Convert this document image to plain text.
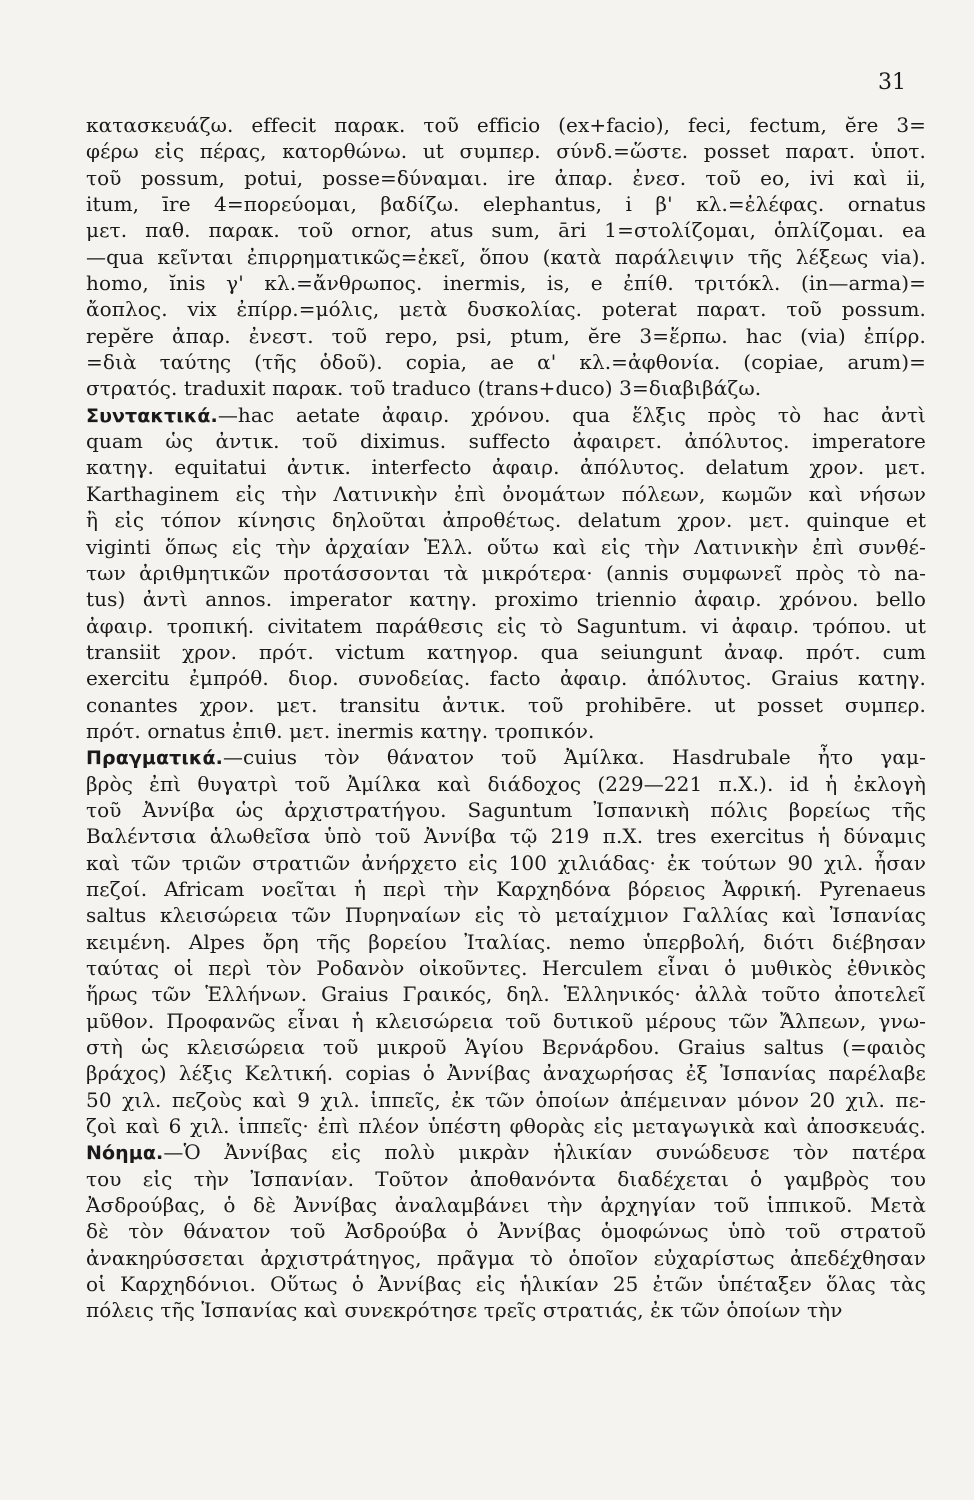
31
κατασκευάζω. effecit παρακ. τοῦ efficio (ex+facio), feci, fectum, ĕre 3=
φέρω εἰς πέρας, κατορθώνω. ut συμπερ. σύνδ.=ὥστε. posset παρατ. ὑποτ.
τοῦ possum, potui, posse=δύναμαι. ire ἀπαρ. ἐνεσ. τοῦ eo, ivi καὶ ii,
itum, īre 4=πορεύομαι, βαδίζω. elephantus, i β' κλ.=ἐλέφας. ornatus
μετ. παθ. παρακ. τοῦ ornor, atus sum, āri 1=στολίζομαι, ὁπλίζομαι. ea
—qua κεῖνται ἐπιρρηματικῶς=ἐκεῖ, ὅπου (κατὰ παράλειψιν τῆς λέξεως via).
homo, ĭnis γ' κλ.=ἄνθρωπος. inermis, is, e ἐπίθ. τριτόκλ. (in—arma)=
ἄοπλος. vix ἐπίρρ.=μόλις, μετὰ δυσκολίας. poterat παρατ. τοῦ possum.
repĕre ἀπαρ. ἐνεστ. τοῦ repo, psi, ptum, ĕre 3=ἕρπω. hac (via) ἐπίρρ.
=διὰ ταύτης (τῆς ὁδοῦ). copia, ae α' κλ.=ἀφθονία. (copiae, arum)=
στρατός. traduxit παρακ. τοῦ traduco (trans+duco) 3=διαβιβάζω.
Συντακτικά.—hac aetate ἀφαιρ. χρόνου. qua ἕλξις πρὸς τὸ hac ἀντὶ
quam ὡς ἀντικ. τοῦ diximus. suffecto ἀφαιρετ. ἀπόλυτος. imperatore
κατηγ. equitatui ἀντικ. interfecto ἀφαιρ. ἀπόλυτος. delatum χρον. μετ.
Karthaginem εἰς τὴν Λατινικὴν ἐπὶ ὀνομάτων πόλεων, κωμῶν καὶ νήσων
ἢ εἰς τόπον κίνησις δηλοῦται ἀπροθέτως. delatum χρον. μετ. quinque et
viginti ὅπως εἰς τὴν ἀρχαίαν Ἑλλ. οὕτω καὶ εἰς τὴν Λατινικὴν ἐπὶ συνθέ-
των ἀριθμητικῶν προτάσσονται τὰ μικρότερα· (annis συμφωνεῖ πρὸς τὸ na-
tus) ἀντὶ annos. imperator κατηγ. proximo triennio ἀφαιρ. χρόνου. bello
ἀφαιρ. τροπική. civitatem παράθεσις εἰς τὸ Saguntum. vi ἀφαιρ. τρόπου. ut
transiit χρον. πρότ. victum κατηγορ. qua seiungunt ἀναφ. πρότ. cum
exercitu ἐμπρόθ. διορ. συνοδείας. facto ἀφαιρ. ἀπόλυτος. Graius κατηγ.
conantes χρον. μετ. transitu ἀντικ. τοῦ prohibēre. ut posset συμπερ.
πρότ. ornatus ἐπιθ. μετ. inermis κατηγ. τροπικόν.
Πραγματικά.—cuius τὸν θάνατον τοῦ Ἀμίλκα. Hasdrubale ἦτο γαμ-
βρὸς ἐπὶ θυγατρὶ τοῦ Ἀμίλκα καὶ διάδοχος (229—221 π.Χ.). id ἡ ἐκλογὴ
τοῦ Ἀννίβα ὡς ἀρχιστρατήγου. Saguntum Ἰσπανικὴ πόλις βορείως τῆς
Βαλέντσια ἁλωθεῖσα ὑπὸ τοῦ Ἀννίβα τῷ 219 π.Χ. tres exercitus ἡ δύναμις
καὶ τῶν τριῶν στρατιῶν ἀνήρχετο εἰς 100 χιλιάδας· ἐκ τούτων 90 χιλ. ἦσαν
πεζοί. Africam νοεῖται ἡ περὶ τὴν Καρχηδόνα βόρειος Ἀφρική. Pyrenaeus
saltus κλεισώρεια τῶν Πυρηναίων εἰς τὸ μεταίχμιον Γαλλίας καὶ Ἰσπανίας
κειμένη. Alpes ὄρη τῆς βορείου Ἰταλίας. nemo ὑπερβολή, διότι διέβησαν
ταύτας οἱ περὶ τὸν Ροδανὸν οἰκοῦντες. Herculem εἶναι ὁ μυθικὸς ἐθνικὸς
ἥρως τῶν Ἑλλήνων. Graius Γραικός, δηλ. Ἑλληνικός· ἀλλὰ τοῦτο ἀποτελεῖ
μῦθον. Προφανῶς εἶναι ἡ κλεισώρεια τοῦ δυτικοῦ μέρους τῶν Ἄλπεων, γνω-
στὴ ὡς κλεισώρεια τοῦ μικροῦ Ἁγίου Βερνάρδου. Graius saltus (=φαιὸς
βράχος) λέξις Κελτική. copias ὁ Ἀννίβας ἀναχωρήσας ἐξ Ἰσπανίας παρέλαβε
50 χιλ. πεζοὺς καὶ 9 χιλ. ἱππεῖς, ἐκ τῶν ὁποίων ἀπέμειναν μόνον 20 χιλ. πε-
ζοὶ καὶ 6 χιλ. ἱππεῖς· ἐπὶ πλέον ὑπέστη φθορὰς εἰς μεταγωγικὰ καὶ ἀποσκευάς.
Νόημα.—Ὁ Ἀννίβας εἰς πολὺ μικρὰν ἡλικίαν συνώδευσε τὸν πατέρα
του εἰς τὴν Ἰσπανίαν. Τοῦτον ἀποθανόντα διαδέχεται ὁ γαμβρὸς του
Ἀσδρούβας, ὁ δὲ Ἀννίβας ἀναλαμβάνει τὴν ἀρχηγίαν τοῦ ἱππικοῦ. Μετὰ
δὲ τὸν θάνατον τοῦ Ἀσδρούβα ὁ Ἀννίβας ὁμοφώνως ὑπὸ τοῦ στρατοῦ
ἀνακηρύσσεται ἀρχιστράτηγος, πρᾶγμα τὸ ὁποῖον εὐχαρίστως ἀπεδέχθησαν
οἱ Καρχηδόνιοι. Οὕτως ὁ Ἀννίβας εἰς ἡλικίαν 25 ἐτῶν ὑπέταξεν ὅλας τὰς
πόλεις τῆς Ἱσπανίας καὶ συνεκρότησε τρεῖς στρατιάς, ἐκ τῶν ὁποίων τὴν
